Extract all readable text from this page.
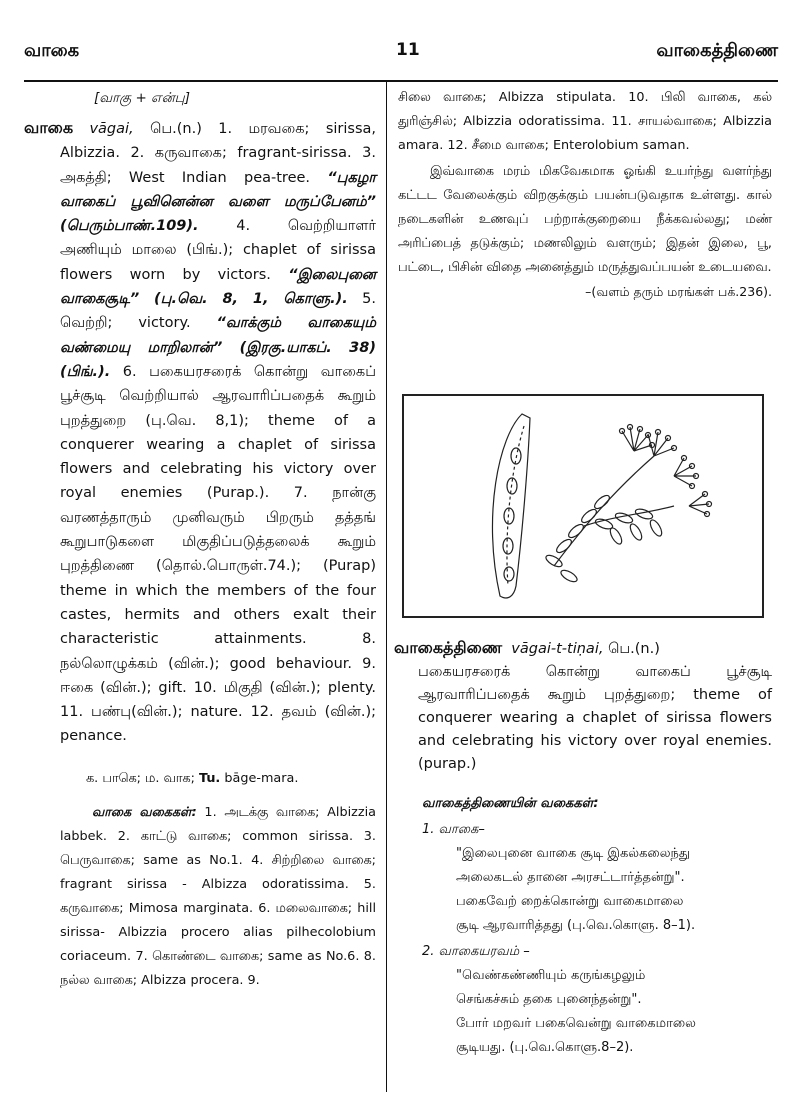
வாகை	11	வாகைத்திணை

[வாகு + என்பு]

வாகை vāgai, பெ.(n.) 1. மரவகை; sirissa, Albizzia. 2. கருவாகை; fragrant-sirissa. 3. அகத்தி; West Indian pea-tree. “புகழா வாகைப் பூவினென்ன வளை மருப்பேனம்” (பெரும்பாண்.109). 4. வெற்றியாளர் அணியும் மாலை (பிங்.); chaplet of sirissa flowers worn by victors. “இலைபுனை வாகைசூடி” (பு.வெ. 8, 1, கொளு.). 5. வெற்றி; victory. “வாக்கும் வாகையும் வண்மையு மாறிலான்” (இரகு.யாகப். 38) (பிங்.). 6. பகையரசரைக் கொன்று வாகைப் பூச்சூடி வெற்றியால் ஆரவாரிப்பதைக் கூறும் புறத்துறை (பு.வெ. 8,1); theme of a conquerer wearing a chaplet of sirissa flowers and celebrating his victory over royal enemies (Purap.). 7. நான்கு வரணத்தாரும் முனிவரும் பிறரும் தத்தங் கூறுபாடுகளை மிகுதிப்படுத்தலைக் கூறும் புறத்திணை (தொல்.பொருள்.74.); (Purap) theme in which the members of the four castes, hermits and others exalt their characteristic attainments. 8. நல்லொழுக்கம் (வின்.); good behaviour. 9. ஈகை (வின்.); gift. 10. மிகுதி (வின்.); plenty. 11. பண்பு(வின்.); nature. 12. தவம் (வின்.); penance.

க. பாகெ; ம. வாக; Tu. bāge-mara.

வாகை வகைகள்: 1. அடக்கு வாகை; Albizzia labbek. 2. காட்டு வாகை; common sirissa. 3. பெருவாகை; same as No.1. 4. சிற்றிலை வாகை; fragrant sirissa - Albizza odoratissima. 5. கருவாகை; Mimosa marginata. 6. மலைவாகை; hill sirissa- Albizzia procero alias pilhecolobium coriaceum. 7. கொண்டை வாகை; same as No.6. 8. நல்ல வாகை; Albizza procera. 9.

சிலை வாகை; Albizza stipulata. 10. பிலி வாகை, கல் துரிஞ்சில்; Albizzia odoratissima. 11. சாயல்வாகை; Albizzia amara. 12. சீமை வாகை; Enterolobium saman.

இவ்வாகை மரம் மிகவேகமாக ஓங்கி உயர்ந்து வளர்ந்து கட்டட வேலைக்கும் விறகுக்கும் பயன்படுவதாக உள்ளது. கால் நடைகளின் உணவுப் பற்றாக்குறையை நீக்கவல்லது; மண் அரிப்பைத் தடுக்கும்; மணலிலும் வளரும்; இதன் இலை, பூ, பட்டை, பிசின் விதை அனைத்தும் மருத்துவப்பயன் உடையவை.

–(வளம் தரும் மரங்கள் பக்.236).

வாகைத்திணை vāgai-t-tiṇai, பெ.(n.)

பகையரசரைக் கொன்று வாகைப் பூச்சூடி ஆரவாரிப்பதைக் கூறும் புறத்துறை; theme of conquerer wearing a chaplet of sirissa flowers and celebrating his victory over royal enemies. (purap.)

வாகைத்திணையின் வகைகள்:

1. வாகை–

"இலைபுனை வாகை சூடி இகல்கலைந்து

அலைகடல் தானை அரசட்டார்த்தன்று".

பகைவேற் றைக்கொன்று வாகைமாலை

சூடி ஆரவாரித்தது (பு.வெ.கொளு. 8–1).

2. வாகையரவம் –

"வெண்கண்ணியும் கருங்கழலும்

செங்கச்சும் தகை புனைந்தன்று".

போர் மறவர் பகைவென்று வாகைமாலை

சூடியது. (பு.வெ.கொளு.8–2).
